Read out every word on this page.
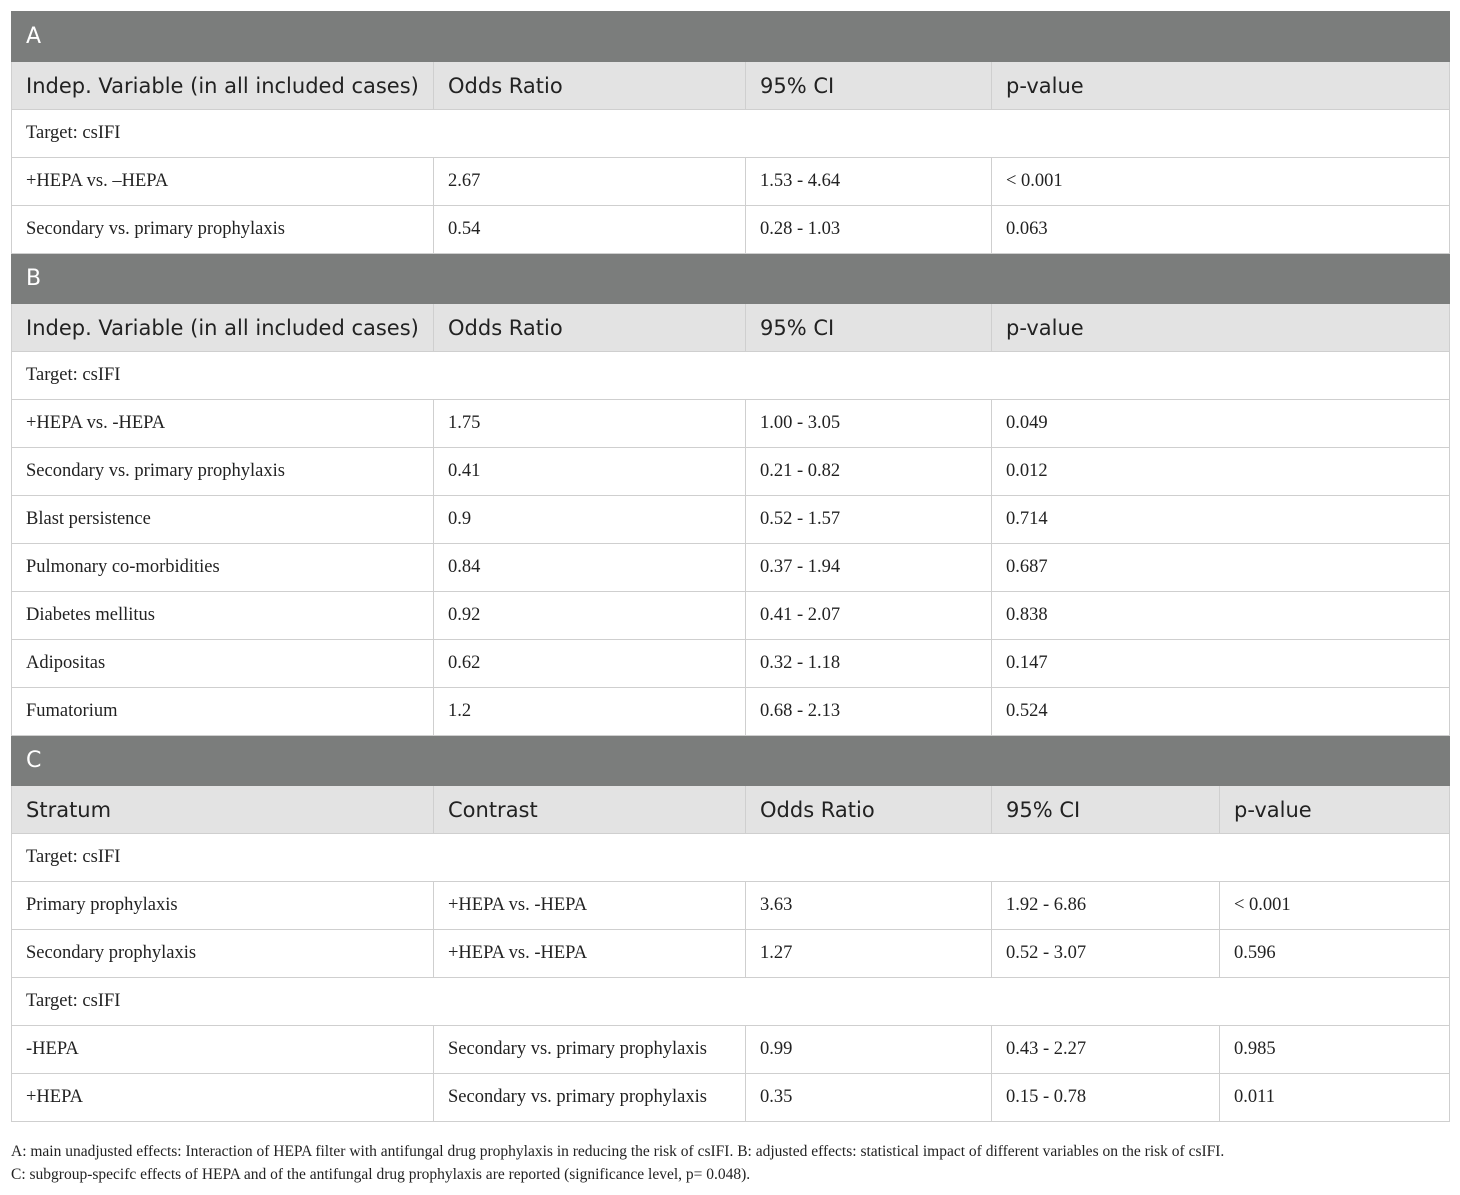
A				
Indep. Variable (in all included cases)	Odds Ratio	95% CI	p-value	
Target: csIFI				
+HEPA vs. –HEPA	2.67	1.53 - 4.64	< 0.001	
Secondary vs. primary prophylaxis	0.54	0.28 - 1.03	0.063	
B				
Indep. Variable (in all included cases)	Odds Ratio	95% CI	p-value	
Target: csIFI				
+HEPA vs. -HEPA	1.75	1.00 - 3.05	0.049	
Secondary vs. primary prophylaxis	0.41	0.21 - 0.82	0.012	
Blast persistence	0.9	0.52 - 1.57	0.714	
Pulmonary co-morbidities	0.84	0.37 - 1.94	0.687	
Diabetes mellitus	0.92	0.41 - 2.07	0.838	
Adipositas	0.62	0.32 - 1.18	0.147	
Fumatorium	1.2	0.68 - 2.13	0.524	
C				
Stratum	Contrast	Odds Ratio	95% CI	p-value
Target: csIFI				
Primary prophylaxis	+HEPA vs. -HEPA	3.63	1.92 - 6.86	< 0.001
Secondary prophylaxis	+HEPA vs. -HEPA	1.27	0.52 - 3.07	0.596
Target: csIFI				
-HEPA	Secondary vs. primary prophylaxis	0.99	0.43 - 2.27	0.985
+HEPA	Secondary vs. primary prophylaxis	0.35	0.15 - 0.78	0.011
A: main unadjusted effects: Interaction of HEPA filter with antifungal drug prophylaxis in reducing the risk of csIFI. B: adjusted effects: statistical impact of different variables on the risk of csIFI.
C: subgroup-specifc effects of HEPA and of the antifungal drug prophylaxis are reported (significance level, p= 0.048).
